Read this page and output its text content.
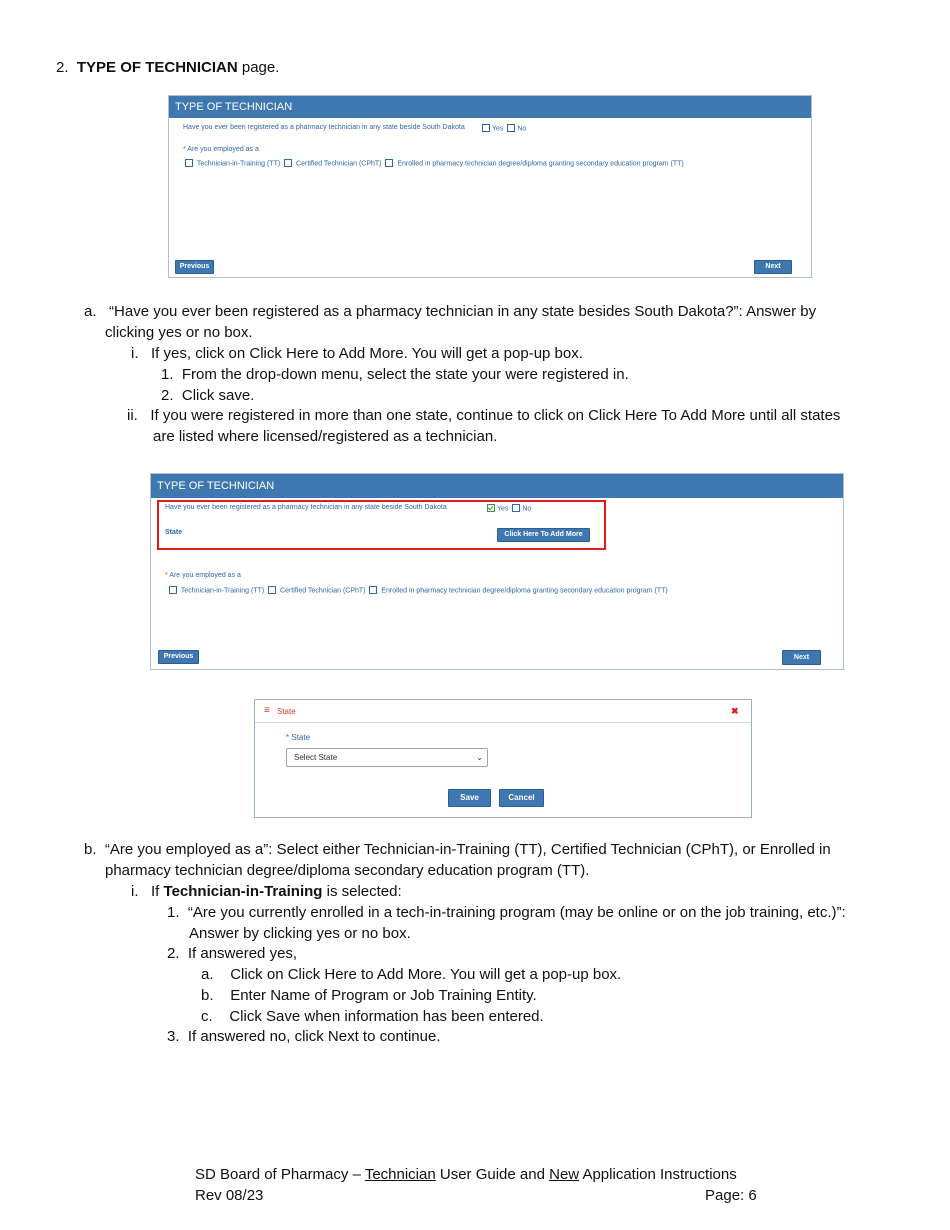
2. TYPE OF TECHNICIAN page.
TYPE OF TECHNICIAN
Have you ever been registered as a pharmacy technician in any state beside South Dakota	Yes No
* Are you employed as a
Technician-in-Training (TT) Certified Technician (CPhT) Enrolled in pharmacy technician degree/diploma granting secondary education program (TT)
Previous	Next
a. “Have you ever been registered as a pharmacy technician in any state besides South Dakota?”: Answer by
clicking yes or no box.
i. If yes, click on Click Here to Add More. You will get a pop-up box.
1. From the drop-down menu, select the state your were registered in.
2. Click save.
ii. If you were registered in more than one state, continue to click on Click Here To Add More until all states
are listed where licensed/registered as a technician.
TYPE OF TECHNICIAN
Have you ever been registered as a pharmacy technician in any state beside South Dakota	Yes No
State	Click Here To Add More
* Are you employed as a
Technician-in-Training (TT) Certified Technician (CPhT) Enrolled in pharmacy technician degree/diploma granting secondary education program (TT)
Previous	Next
≡ State	✖
* State
Select State	⌄
Save	Cancel
b. “Are you employed as a”: Select either Technician-in-Training (TT), Certified Technician (CPhT), or Enrolled in
pharmacy technician degree/diploma secondary education program (TT).
i. If Technician-in-Training is selected:
1. “Are you currently enrolled in a tech-in-training program (may be online or on the job training, etc.)”:
Answer by clicking yes or no box.
2. If answered yes,
a. Click on Click Here to Add More. You will get a pop-up box.
b. Enter Name of Program or Job Training Entity.
c. Click Save when information has been entered.
3. If answered no, click Next to continue.
SD Board of Pharmacy – Technician User Guide and New Application Instructions
Rev 08/23	Page: 6
